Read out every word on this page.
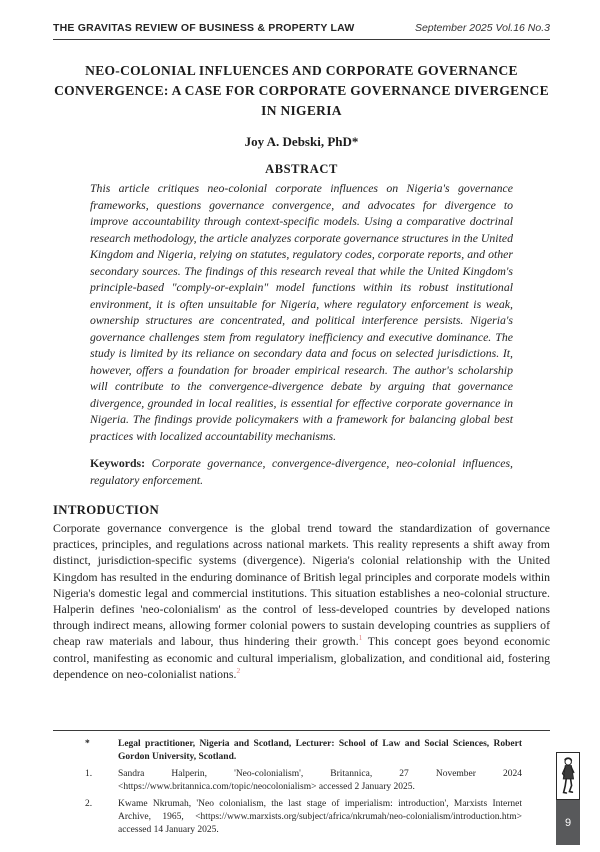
THE GRAVITAS REVIEW OF BUSINESS & PROPERTY LAW	September 2025 Vol.16 No.3
NEO-COLONIAL INFLUENCES AND CORPORATE GOVERNANCE
CONVERGENCE: A CASE FOR CORPORATE GOVERNANCE DIVERGENCE
IN NIGERIA
Joy A. Debski, PhD*
ABSTRACT

This article critiques neo-colonial corporate influences on Nigeria's governance frameworks, questions governance convergence, and advocates for divergence to improve accountability through context-specific models. Using a comparative doctrinal research methodology, the article analyzes corporate governance structures in the United Kingdom and Nigeria, relying on statutes, regulatory codes, corporate reports, and other secondary sources. The findings of this research reveal that while the United Kingdom's principle-based "comply-or-explain" model functions within its robust institutional environment, it is often unsuitable for Nigeria, where regulatory enforcement is weak, ownership structures are concentrated, and political interference persists. Nigeria's governance challenges stem from regulatory inefficiency and executive dominance. The study is limited by its reliance on secondary data and focus on selected jurisdictions. It, however, offers a foundation for broader empirical research. The author's scholarship will contribute to the convergence-divergence debate by arguing that governance divergence, grounded in local realities, is essential for effective corporate governance in Nigeria. The findings provide policymakers with a framework for balancing global best practices with localized accountability mechanisms.

Keywords: Corporate governance, convergence-divergence, neo-colonial influences, regulatory enforcement.

INTRODUCTION

Corporate governance convergence is the global trend toward the standardization of governance practices, principles, and regulations across national markets. This reality represents a shift away from distinct, jurisdiction-specific systems (divergence). Nigeria's colonial relationship with the United Kingdom has resulted in the enduring dominance of British legal principles and corporate models within Nigeria's domestic legal and commercial institutions. This situation establishes a neo-colonial structure. Halperin defines 'neo-colonialism' as the control of less-developed countries by developed nations through indirect means, allowing former colonial powers to sustain developing countries as suppliers of cheap raw materials and labour, thus hindering their growth.$^1$ This concept goes beyond economic control, manifesting as economic and cultural imperialism, globalization, and conditional aid, fostering dependence on neo-colonialist nations.$^2$

*	Legal practitioner, Nigeria and Scotland, Lecturer: School of Law and Social Sciences, Robert Gordon University, Scotland.
1.	Sandra Halperin, 'Neo-colonialism', Britannica, 27 November 2024 <https://www.britannica.com/topic/neocolonialism> accessed 2 January 2025.
2.	Kwame Nkrumah, 'Neo colonialism, the last stage of imperialism: introduction', Marxists Internet Archive, 1965, <https://www.marxists.org/subject/africa/nkrumah/neo-colonialism/introduction.htm> accessed 14 January 2025.
9
